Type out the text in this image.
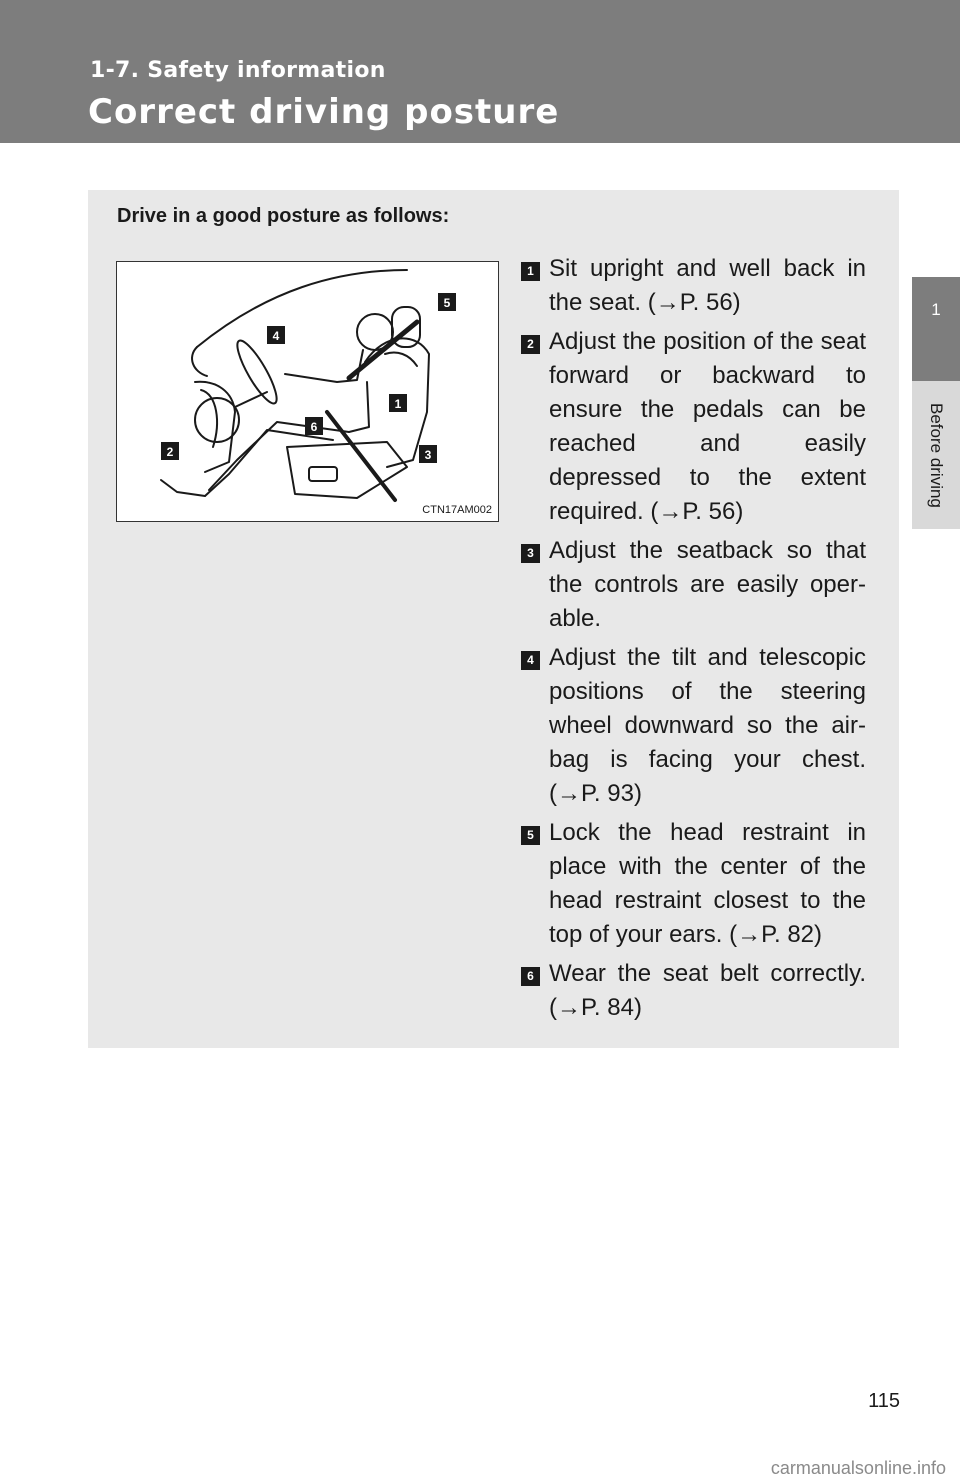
1-7. Safety information
Correct driving posture
1
Before driving
Drive in a good posture as follows:
1
2	3
4
5
6
CTN17AM002
1 Sit upright and well back in the seat. (→P. 56)
2 Adjust the position of the seat forward or backward to ensure the pedals can be reached and easily depressed to the extent required. (→P. 56)
3 Adjust the seatback so that the controls are easily oper-able.
4 Adjust the tilt and telescopic positions of the steering wheel downward so the air-bag is facing your chest. (→P. 93)
5 Lock the head restraint in place with the center of the head restraint closest to the top of your ears. (→P. 82)
6 Wear the seat belt correctly. (→P. 84)
115
carmanualsonline.info
